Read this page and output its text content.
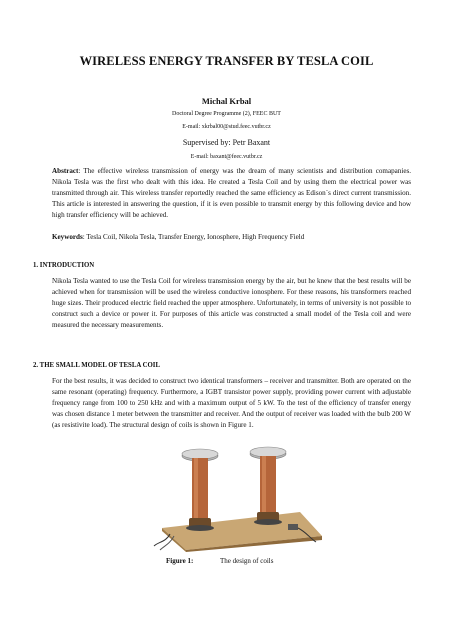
WIRELESS ENERGY TRANSFER BY TESLA COIL
Michal Krbal
Doctoral Degree Programme (2), FEEC BUT
E-mail: xkrbal00@stud.feec.vutbr.cz
Supervised by: Petr Baxant
E-mail: baxant@feec.vutbr.cz
Abstract: The effective wireless transmission of energy was the dream of many scientists and distribution comapanies. Nikola Tesla was the first who dealt with this idea. He created a Tesla Coil and by using them the electrical power was transmitted through air. This wireless transfer reportedly reached the same efficiency as Edison´s direct current transmission. This article is interested in answering the question, if it is even possible to transmit energy by this following device and how high transfer efficiency will be achieved.
Keywords: Tesla Coil, Nikola Tesla, Transfer Energy, Ionosphere, High Frequency Field
1. INTRODUCTION
Nikola Tesla wanted to use the Tesla Coil for wireless transmission energy by the air, but he knew that the best results will be achieved when for transmission will be used the wireless conductive ionosphere. For these reasons, his transformers reached huge sizes. Their produced electric field reached the upper atmosphere. Unfortunately, in terms of university is not possible to construct such a device or power it. For purposes of this article was constructed a small model of the Tesla coil and were measured the necessary measurements.
2. THE SMALL MODEL OF TESLA COIL
For the best results, it was decided to construct two identical transformers – receiver and transmitter. Both are operated on the same resonant (operating) frequency. Furthermore, a IGBT transistor power supply, providing power current with adjustable frequency range from 100 to 250 kHz and with a maximum output of 5 kW. To the test of the efficiency of transfer energy was chosen distance 1 meter between the transmitter and receiver. And the output of receiver was loaded with the bulb 200 W (as resistivite load). The structural design of coils is shown in Figure 1.
Figure 1:	The design of coils
